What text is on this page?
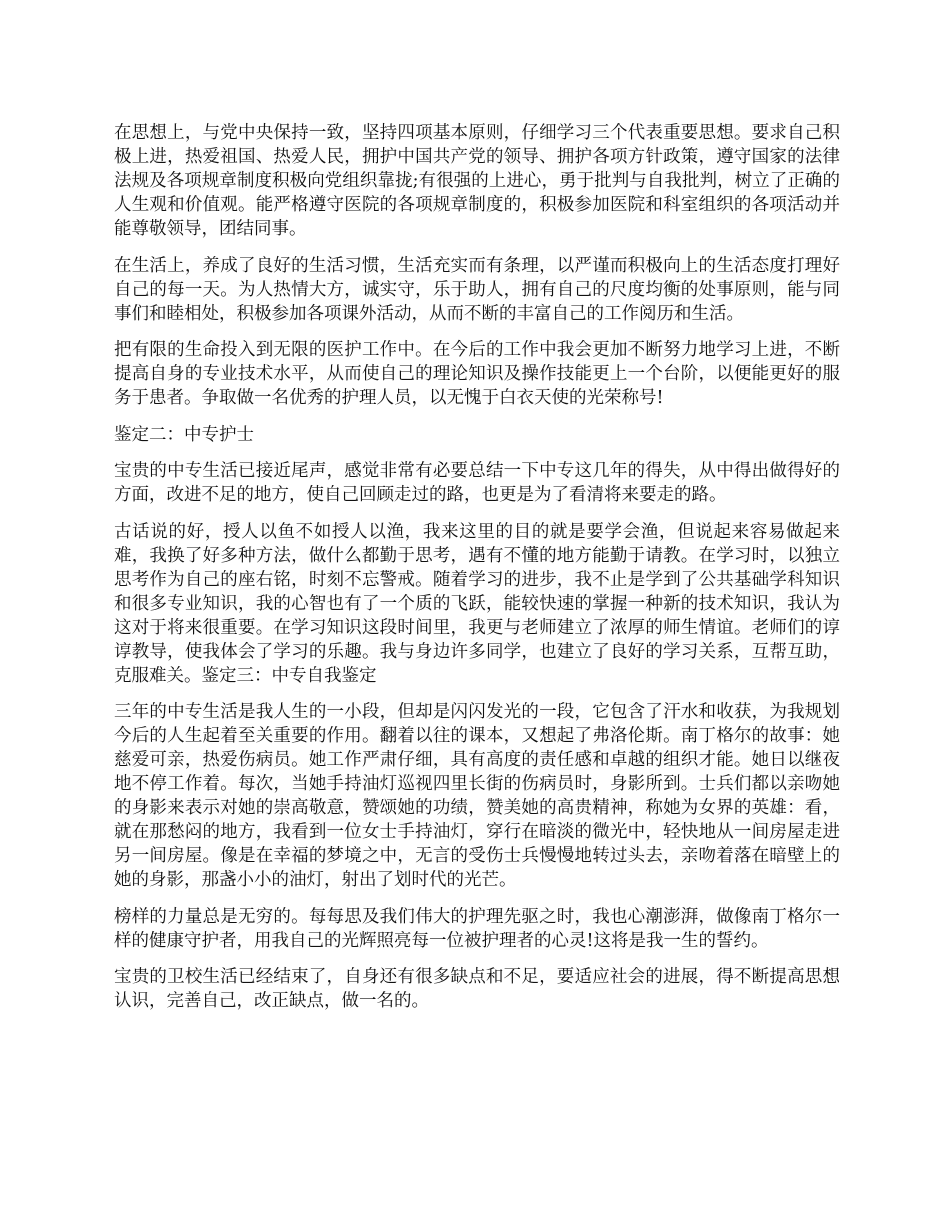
在思想上，与党中央保持一致，坚持四项基本原则，仔细学习三个代表重要思想。要求自己积极上进，热爱祖国、热爱人民，拥护中国共产党的领导、拥护各项方针政策，遵守国家的法律法规及各项规章制度积极向党组织靠拢;有很强的上进心，勇于批判与自我批判，树立了正确的人生观和价值观。能严格遵守医院的各项规章制度的，积极参加医院和科室组织的各项活动并能尊敬领导，团结同事。

在生活上，养成了良好的生活习惯，生活充实而有条理，以严谨而积极向上的生活态度打理好自己的每一天。为人热情大方，诚实守，乐于助人，拥有自己的尺度均衡的处事原则，能与同事们和睦相处，积极参加各项课外活动，从而不断的丰富自己的工作阅历和生活。

把有限的生命投入到无限的医护工作中。在今后的工作中我会更加不断努力地学习上进，不断提高自身的专业技术水平，从而使自己的理论知识及操作技能更上一个台阶，以便能更好的服务于患者。争取做一名优秀的护理人员，以无愧于白衣天使的光荣称号!

鉴定二：中专护士

宝贵的中专生活已接近尾声，感觉非常有必要总结一下中专这几年的得失，从中得出做得好的方面，改进不足的地方，使自己回顾走过的路，也更是为了看清将来要走的路。

古话说的好，授人以鱼不如授人以渔，我来这里的目的就是要学会渔，但说起来容易做起来难，我换了好多种方法，做什么都勤于思考，遇有不懂的地方能勤于请教。在学习时，以独立思考作为自己的座右铭，时刻不忘警戒。随着学习的进步，我不止是学到了公共基础学科知识和很多专业知识，我的心智也有了一个质的飞跃，能较快速的掌握一种新的技术知识，我认为这对于将来很重要。在学习知识这段时间里，我更与老师建立了浓厚的师生情谊。老师们的谆谆教导，使我体会了学习的乐趣。我与身边许多同学，也建立了良好的学习关系，互帮互助，克服难关。鉴定三：中专自我鉴定

三年的中专生活是我人生的一小段，但却是闪闪发光的一段，它包含了汗水和收获，为我规划今后的人生起着至关重要的作用。翻着以往的课本，又想起了弗洛伦斯。南丁格尔的故事：她慈爱可亲，热爱伤病员。她工作严肃仔细，具有高度的责任感和卓越的组织才能。她日以继夜地不停工作着。每次，当她手持油灯巡视四里长街的伤病员时，身影所到。士兵们都以亲吻她的身影来表示对她的崇高敬意，赞颂她的功绩，赞美她的高贵精神，称她为女界的英雄：看，就在那愁闷的地方，我看到一位女士手持油灯，穿行在暗淡的微光中，轻快地从一间房屋走进另一间房屋。像是在幸福的梦境之中，无言的受伤士兵慢慢地转过头去，亲吻着落在暗壁上的她的身影，那盏小小的油灯，射出了划时代的光芒。

榜样的力量总是无穷的。每每思及我们伟大的护理先驱之时，我也心潮澎湃，做像南丁格尔一样的健康守护者，用我自己的光辉照亮每一位被护理者的心灵!这将是我一生的誓约。

宝贵的卫校生活已经结束了，自身还有很多缺点和不足，要适应社会的进展，得不断提高思想认识，完善自己，改正缺点，做一名的。
